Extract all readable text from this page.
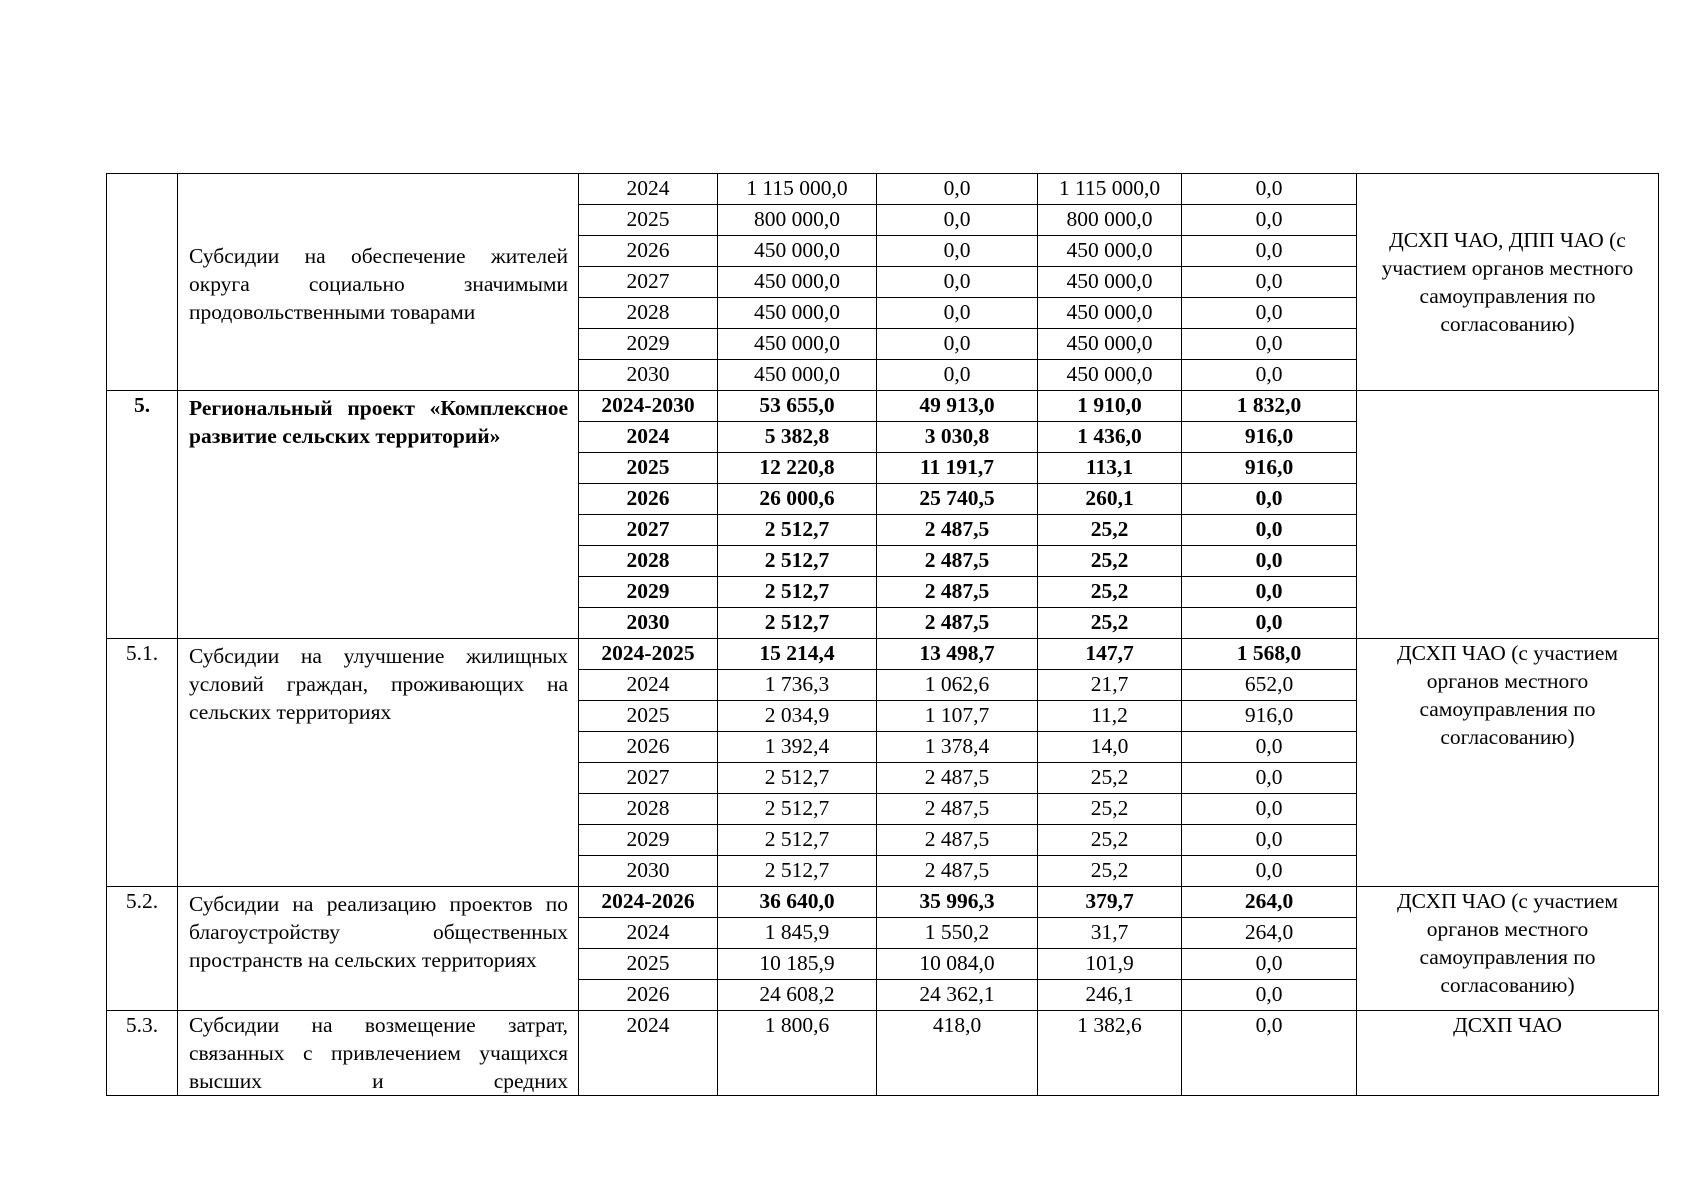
	Субсидии на обеспечение жителей округа социально значимыми продовольственными товарами	2024	1 115 000,0	0,0	1 115 000,0	0,0	ДСХП ЧАО, ДПП ЧАО (с участием органов местного самоуправления по согласованию)
		2025	800 000,0	0,0	800 000,0	0,0	
		2026	450 000,0	0,0	450 000,0	0,0	
		2027	450 000,0	0,0	450 000,0	0,0	
		2028	450 000,0	0,0	450 000,0	0,0	
		2029	450 000,0	0,0	450 000,0	0,0	
		2030	450 000,0	0,0	450 000,0	0,0	
5.	Региональный проект «Комплексное развитие сельских территорий»	2024-2030	53 655,0	49 913,0	1 910,0	1 832,0	
		2024	5 382,8	3 030,8	1 436,0	916,0	
		2025	12 220,8	11 191,7	113,1	916,0	
		2026	26 000,6	25 740,5	260,1	0,0	
		2027	2 512,7	2 487,5	25,2	0,0	
		2028	2 512,7	2 487,5	25,2	0,0	
		2029	2 512,7	2 487,5	25,2	0,0	
		2030	2 512,7	2 487,5	25,2	0,0	
5.1.	Субсидии на улучшение жилищных условий граждан, проживающих на сельских территориях	2024-2025	15 214,4	13 498,7	147,7	1 568,0	ДСХП ЧАО (с участием органов местного самоуправления по согласованию)
		2024	1 736,3	1 062,6	21,7	652,0	
		2025	2 034,9	1 107,7	11,2	916,0	
		2026	1 392,4	1 378,4	14,0	0,0	
		2027	2 512,7	2 487,5	25,2	0,0	
		2028	2 512,7	2 487,5	25,2	0,0	
		2029	2 512,7	2 487,5	25,2	0,0	
		2030	2 512,7	2 487,5	25,2	0,0	
5.2.	Субсидии на реализацию проектов по благоустройству общественных пространств на сельских территориях	2024-2026	36 640,0	35 996,3	379,7	264,0	ДСХП ЧАО (с участием органов местного самоуправления по согласованию)
		2024	1 845,9	1 550,2	31,7	264,0	
		2025	10 185,9	10 084,0	101,9	0,0	
		2026	24 608,2	24 362,1	246,1	0,0	
5.3.	Субсидии на возмещение затрат, связанных с привлечением учащихся высших и средних	2024	1 800,6	418,0	1 382,6	0,0	ДСХП ЧАО
